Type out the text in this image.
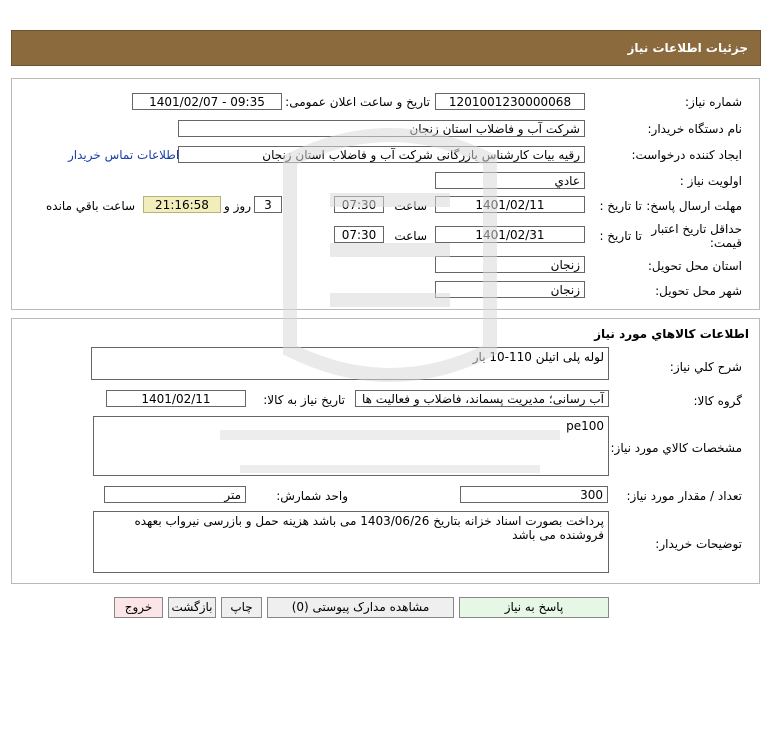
جزئیات اطلاعات نیاز
شماره نیاز:
1201001230000068
تاریخ و ساعت اعلان عمومی:
1401/02/07 - 09:35
نام دستگاه خریدار:
شرکت آب و فاضلاب استان زنجان
ایجاد کننده درخواست:
رقیه بیات کارشناس بازرگانی شرکت آب و فاضلاب استان زنجان
اطلاعات تماس خریدار
اولویت نیاز :
عادي
مهلت ارسال پاسخ:
تا تاریخ :
1401/02/11
ساعت
07:30
3
روز و
21:16:58
ساعت باقي مانده
حداقل تاریخ اعتبار
قیمت:
تا تاریخ :
1401/02/31
ساعت
07:30
استان محل تحویل:
زنجان
شهر محل تحویل:
زنجان
اطلاعات کالاهاي مورد نياز
شرح کلي نياز:
لوله پلی اتیلن 110-10 بار
گروه کالا:
آب رسانی؛ مدیریت پسماند، فاضلاب و فعالیت ها
تاریخ نیاز به کالا:
1401/02/11
مشخصات کالاي مورد نياز:
pe100
تعداد / مقدار مورد نیاز:
300
واحد شمارش:
متر
توضیحات خریدار:
پرداخت بصورت اسناد خزانه بتاریخ 1403/06/26 می باشد هزینه حمل و بازرسی نیرواب بعهده فروشنده می باشد
پاسخ به نیاز
مشاهده مدارک پیوستی (0)
چاپ
بازگشت
خروج
